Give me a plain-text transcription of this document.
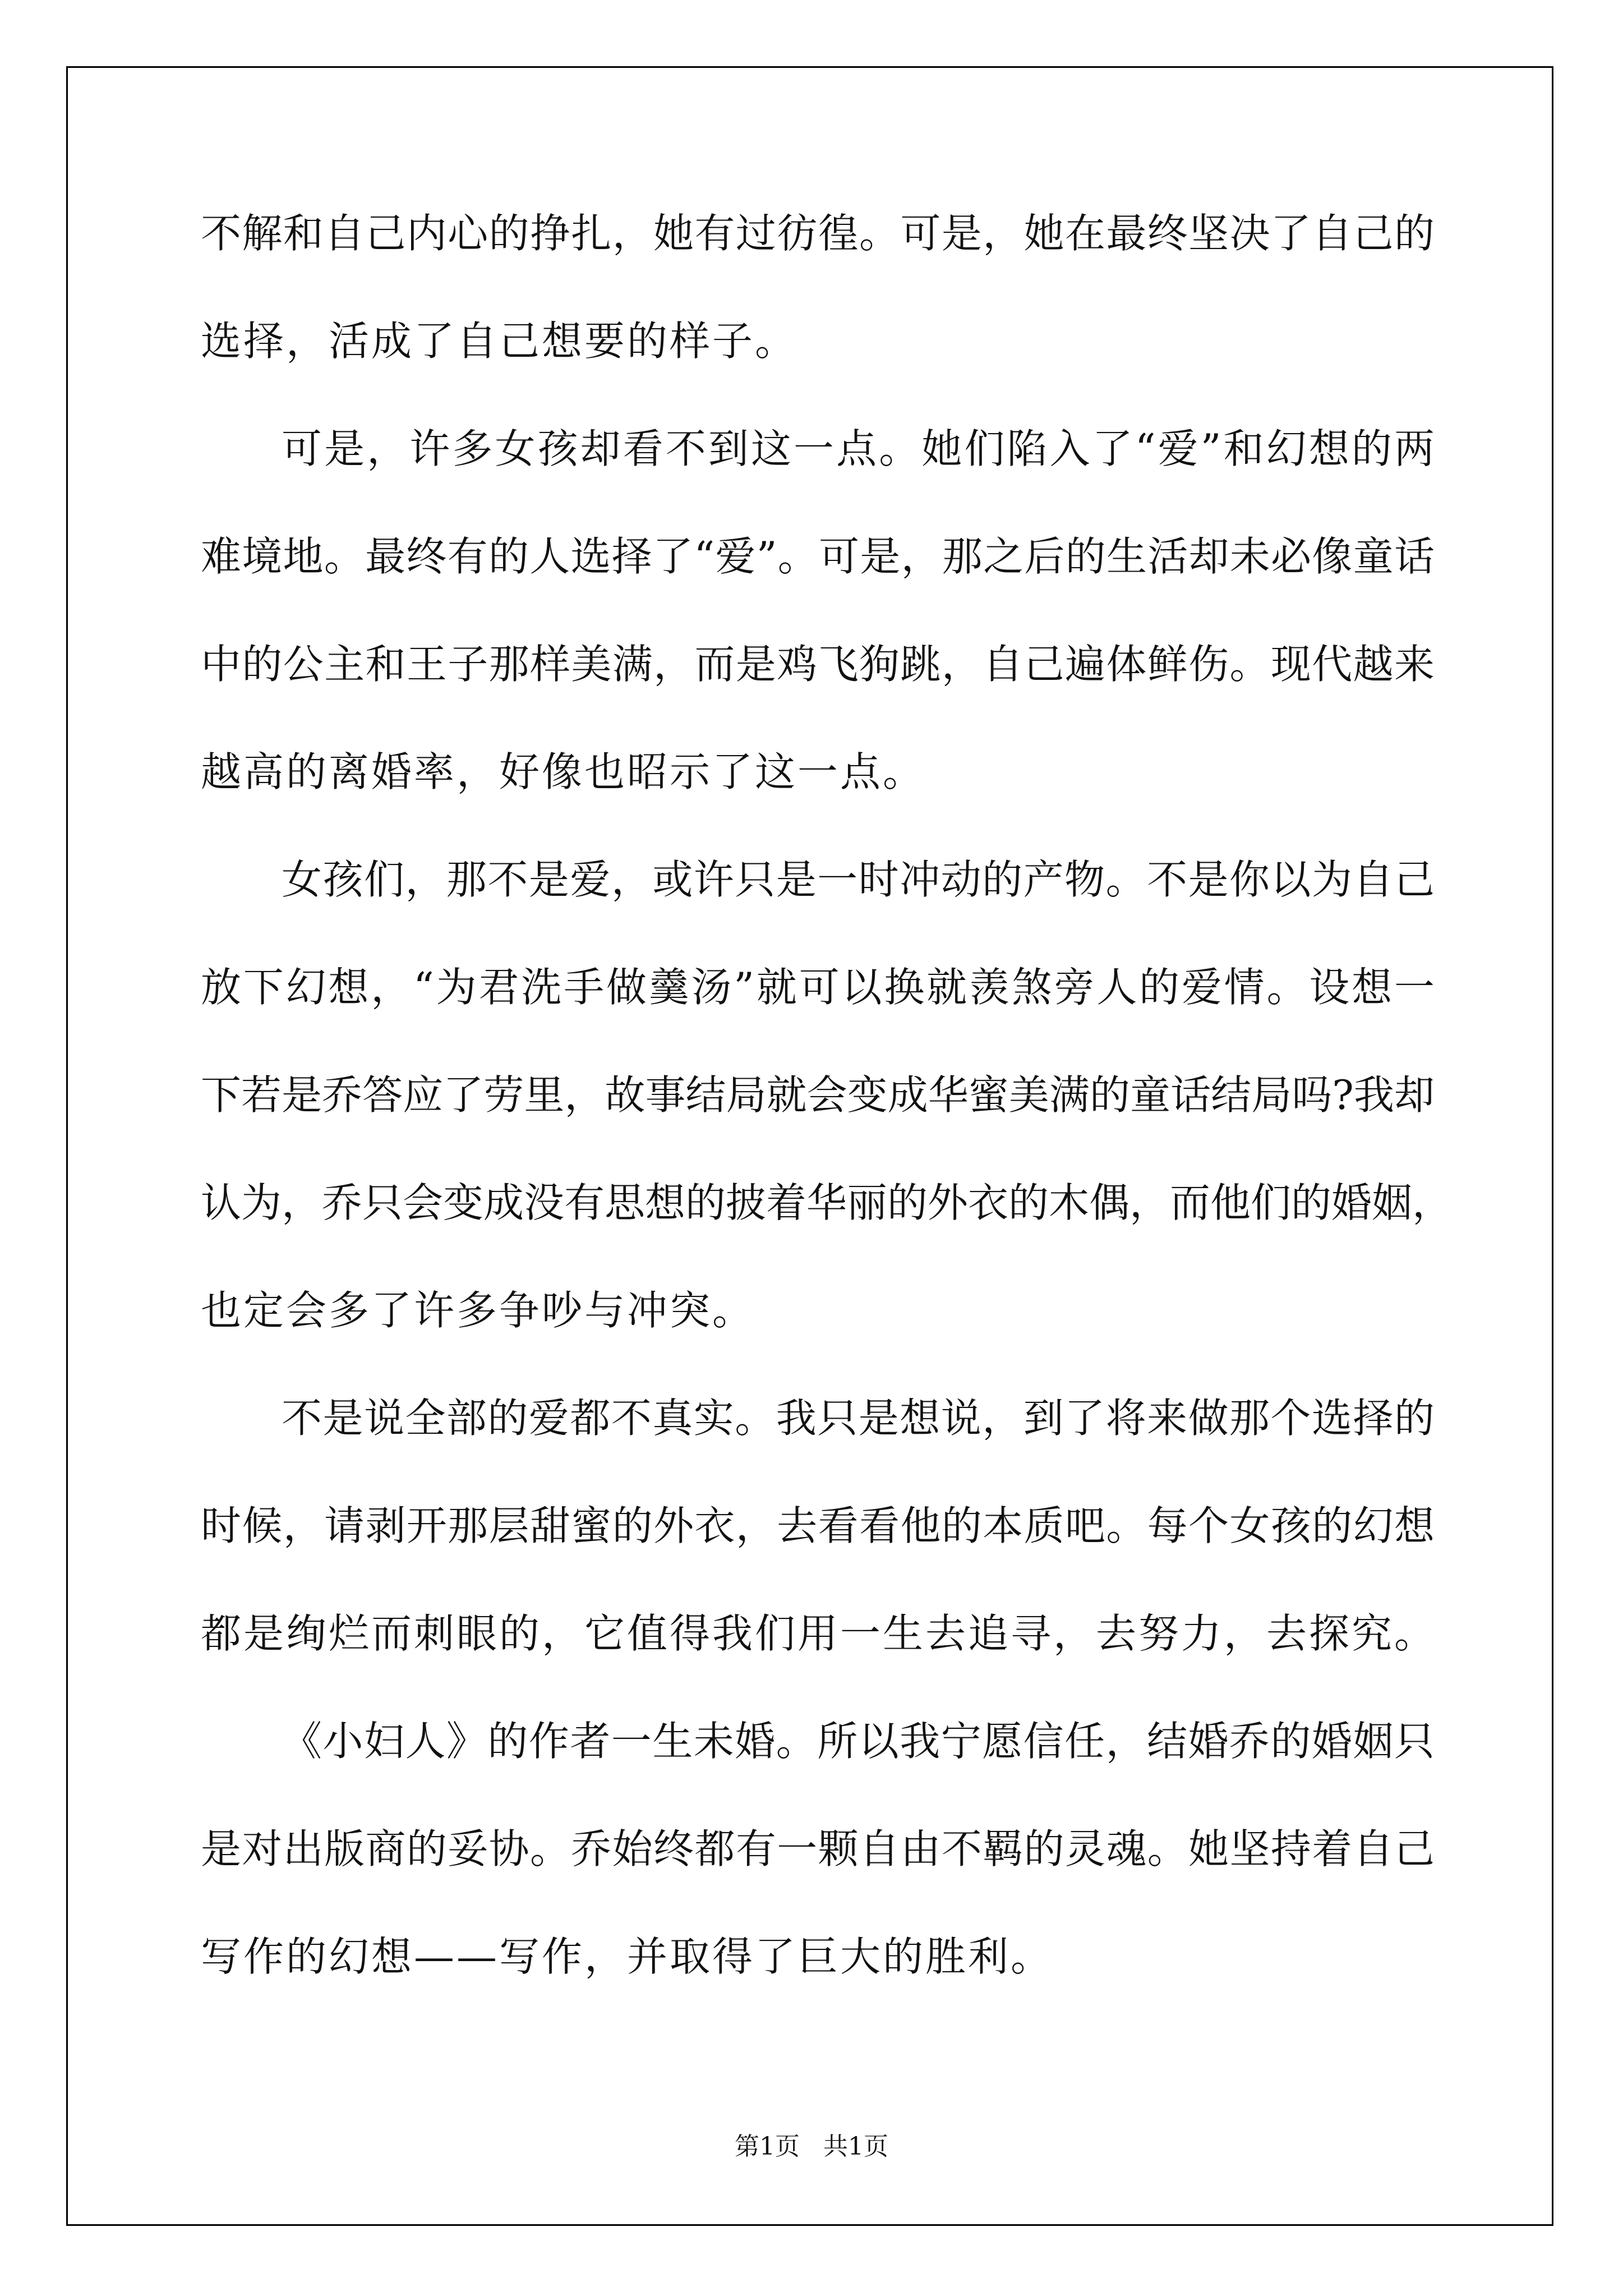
不解和自己内心的挣扎，她有过彷徨。可是，她在最终坚决了自己的
选择，活成了自己想要的样子。
可是，许多女孩却看不到这一点。她们陷入了“爱”和幻想的两
难境地。最终有的人选择了“爱”。可是，那之后的生活却未必像童话
中的公主和王子那样美满，而是鸡飞狗跳，自己遍体鲜伤。现代越来
越高的离婚率，好像也昭示了这一点。
女孩们，那不是爱，或许只是一时冲动的产物。不是你以为自己
放下幻想，“为君洗手做羹汤”就可以换就羡煞旁人的爱情。设想一
下若是乔答应了劳里，故事结局就会变成华蜜美满的童话结局吗?我却
认为，乔只会变成没有思想的披着华丽的外衣的木偶，而他们的婚姻，
也定会多了许多争吵与冲突。
不是说全部的爱都不真实。我只是想说，到了将来做那个选择的
时候，请剥开那层甜蜜的外衣，去看看他的本质吧。每个女孩的幻想
都是绚烂而刺眼的，它值得我们用一生去追寻，去努力，去探究。
《小妇人》的作者一生未婚。所以我宁愿信任，结婚乔的婚姻只
是对出版商的妥协。乔始终都有一颗自由不羁的灵魂。她坚持着自己
写作的幻想——写作，并取得了巨大的胜利。
第1页   共1页
